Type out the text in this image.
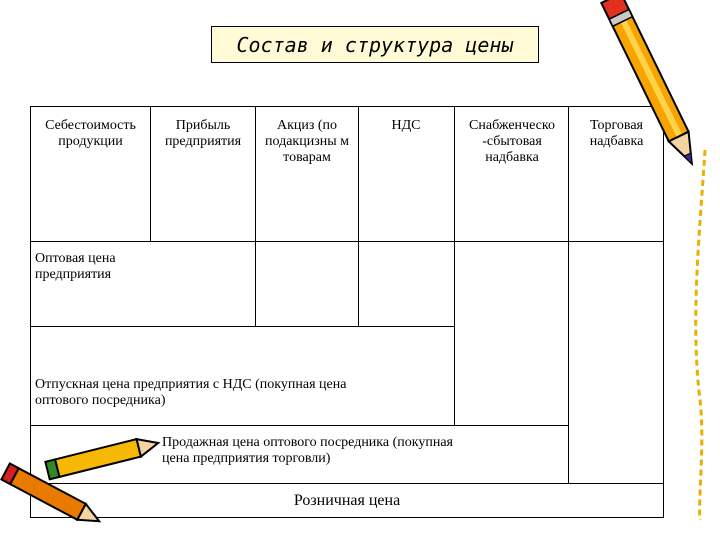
Состав и структура цены
Себестоимость продукции
Прибыль предприятия
Акциз (по подакцизны м товарам
НДС	Снабженческо -сбытовая надбавка
Торговая надбавка
Оптовая цена предприятия
Отпускная цена предприятия с НДС (покупная цена оптового посредника)
Продажная цена оптового посредника (покупная цена предприятия торговли)
Розничная цена
